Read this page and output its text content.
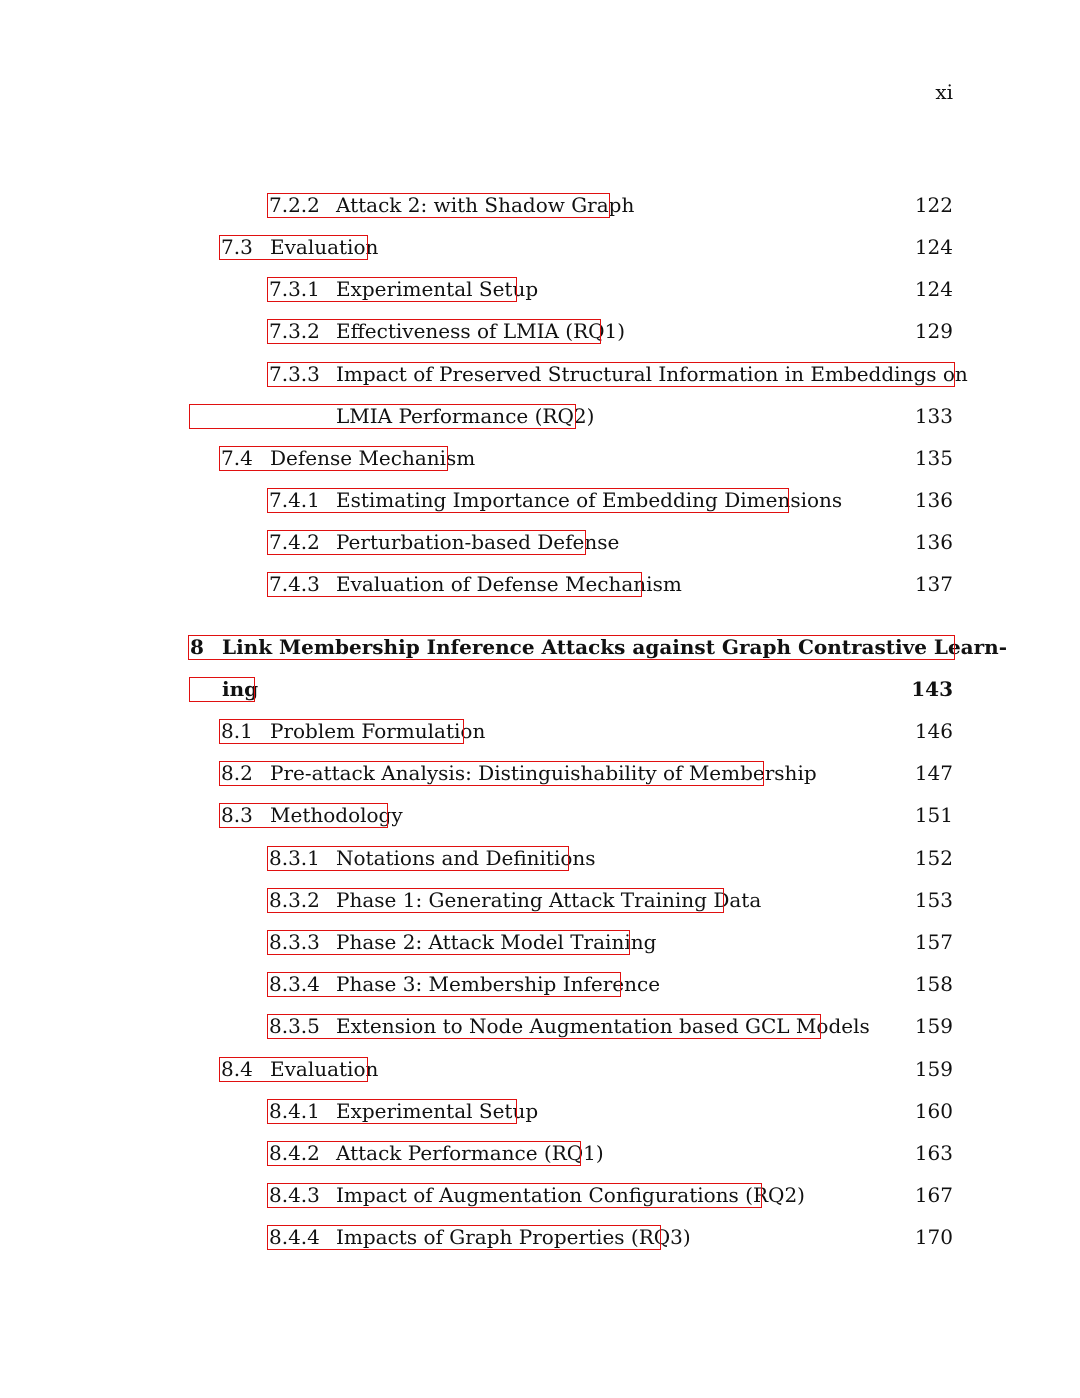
xi
7.2.2 Attack 2: with Shadow Graph	122
7.3 Evaluation	124
7.3.1 Experimental Setup	124
7.3.2 Effectiveness of LMIA (RQ1)	129
7.3.3 Impact of Preserved Structural Information in Embeddings on
LMIA Performance (RQ2)	133
7.4 Defense Mechanism	135
7.4.1 Estimating Importance of Embedding Dimensions	136
7.4.2 Perturbation-based Defense	136
7.4.3 Evaluation of Defense Mechanism	137
8 Link Membership Inference Attacks against Graph Contrastive Learn-
ing	143
8.1 Problem Formulation	146
8.2 Pre-attack Analysis: Distinguishability of Membership	147
8.3 Methodology	151
8.3.1 Notations and Definitions	152
8.3.2 Phase 1: Generating Attack Training Data	153
8.3.3 Phase 2: Attack Model Training	157
8.3.4 Phase 3: Membership Inference	158
8.3.5 Extension to Node Augmentation based GCL Models 159
8.4 Evaluation	159
8.4.1 Experimental Setup	160
8.4.2 Attack Performance (RQ1)	163
8.4.3 Impact of Augmentation Configurations (RQ2)	167
8.4.4 Impacts of Graph Properties (RQ3)	170
